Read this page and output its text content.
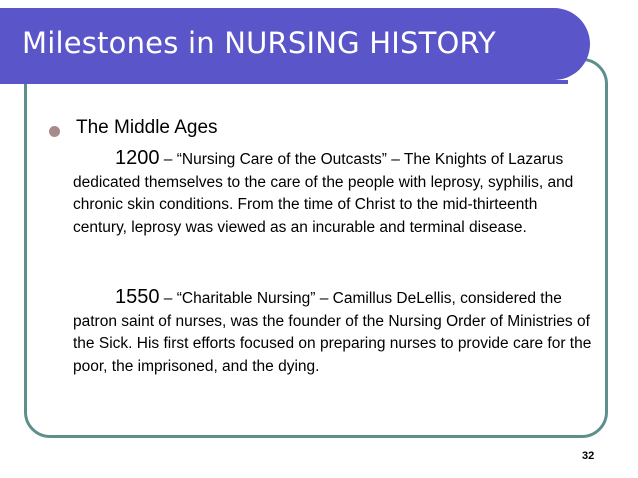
Milestones in NURSING HISTORY
The Middle Ages
1200 – “Nursing Care of the Outcasts” – The Knights of Lazarus dedicated themselves to the care of the people with leprosy, syphilis, and chronic skin conditions. From the time of Christ to the mid-thirteenth century, leprosy was viewed as an incurable and terminal disease.
1550 – “Charitable Nursing” – Camillus DeLellis, considered the patron saint of nurses, was the founder of the Nursing Order of Ministries of the Sick. His first efforts focused on preparing nurses to provide care for the poor, the imprisoned, and the dying.
32
